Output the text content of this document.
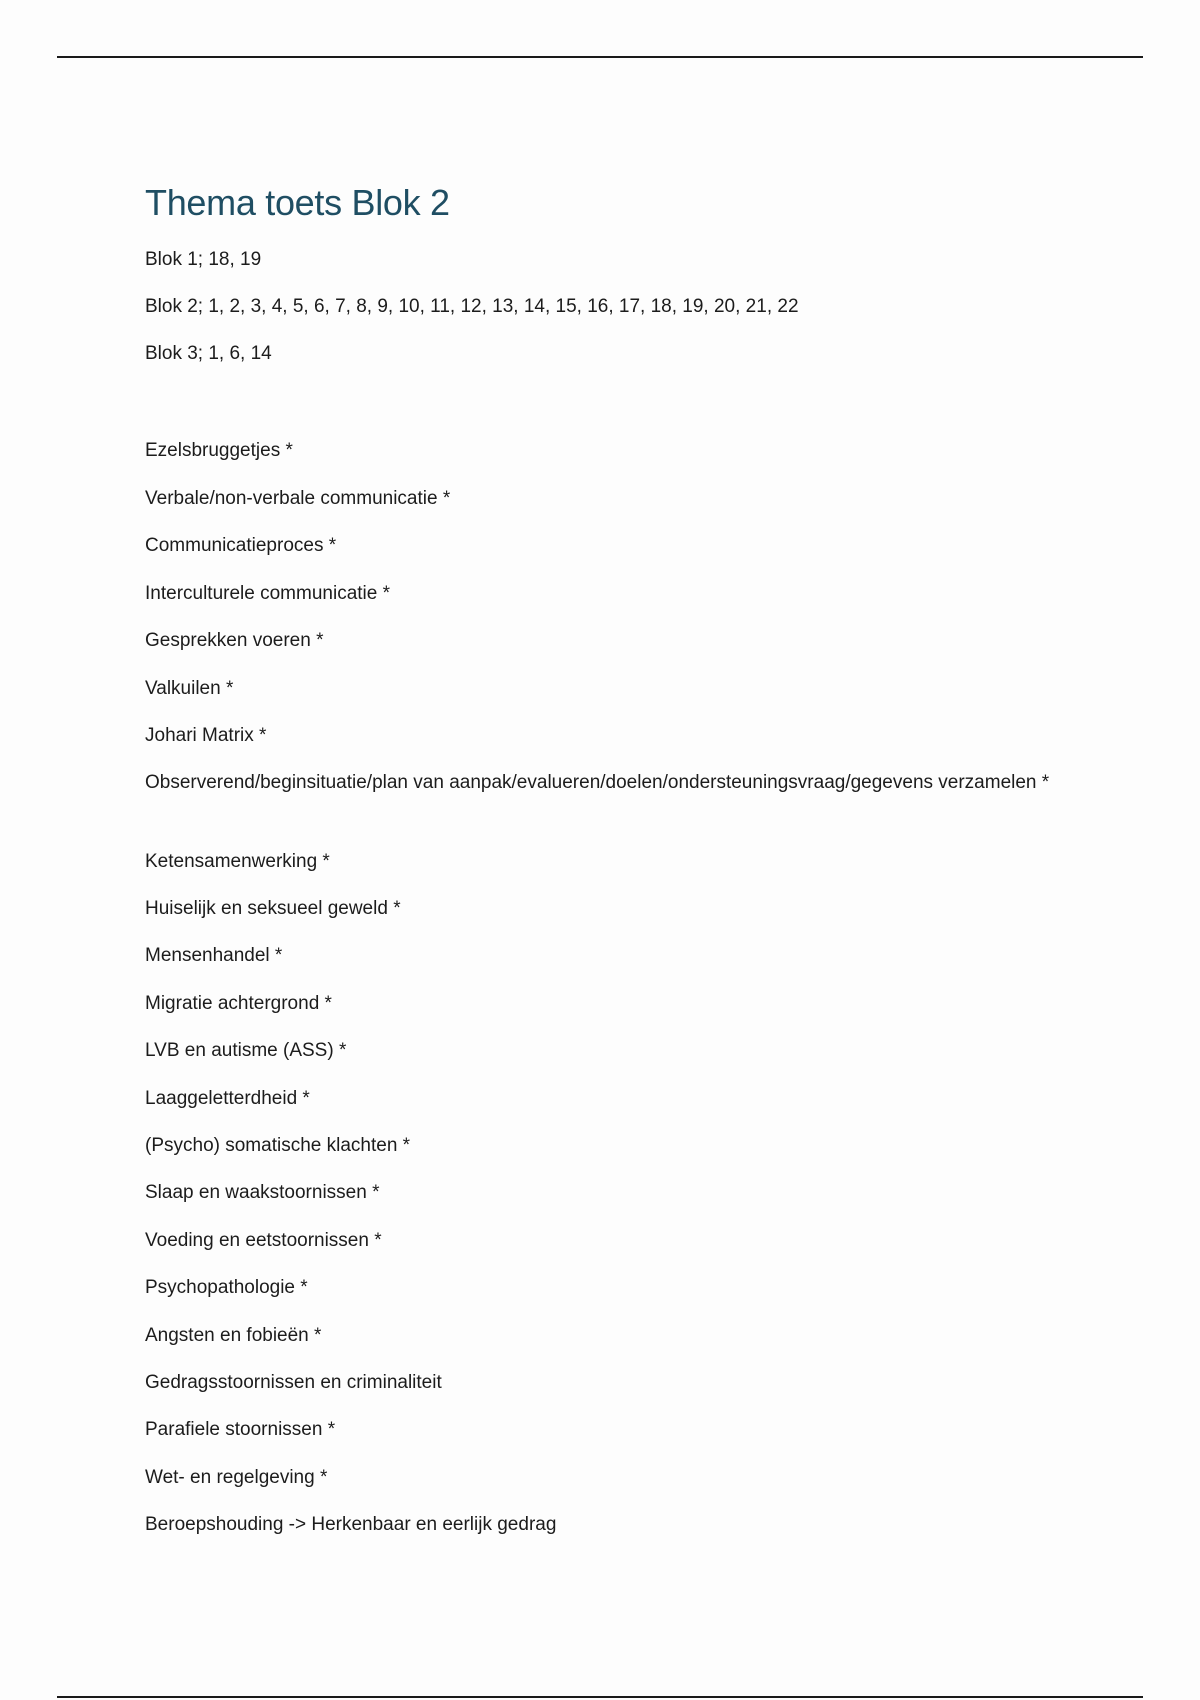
Thema toets Blok 2

Blok 1; 18, 19

Blok 2; 1, 2, 3, 4, 5, 6, 7, 8, 9, 10, 11, 12, 13, 14, 15, 16, 17, 18, 19, 20, 21, 22

Blok 3; 1, 6, 14

Ezelsbruggetjes *

Verbale/non-verbale communicatie *

Communicatieproces *

Interculturele communicatie *

Gesprekken voeren *

Valkuilen *

Johari Matrix *

Observerend/beginsituatie/plan van aanpak/evalueren/doelen/ondersteuningsvraag/gegevens verzamelen *

Ketensamenwerking *

Huiselijk en seksueel geweld *

Mensenhandel *

Migratie achtergrond *

LVB en autisme (ASS) *

Laaggeletterdheid *

(Psycho) somatische klachten *

Slaap en waakstoornissen *

Voeding en eetstoornissen *

Psychopathologie *

Angsten en fobieën *

Gedragsstoornissen en criminaliteit

Parafiele stoornissen *

Wet- en regelgeving *

Beroepshouding -> Herkenbaar en eerlijk gedrag
